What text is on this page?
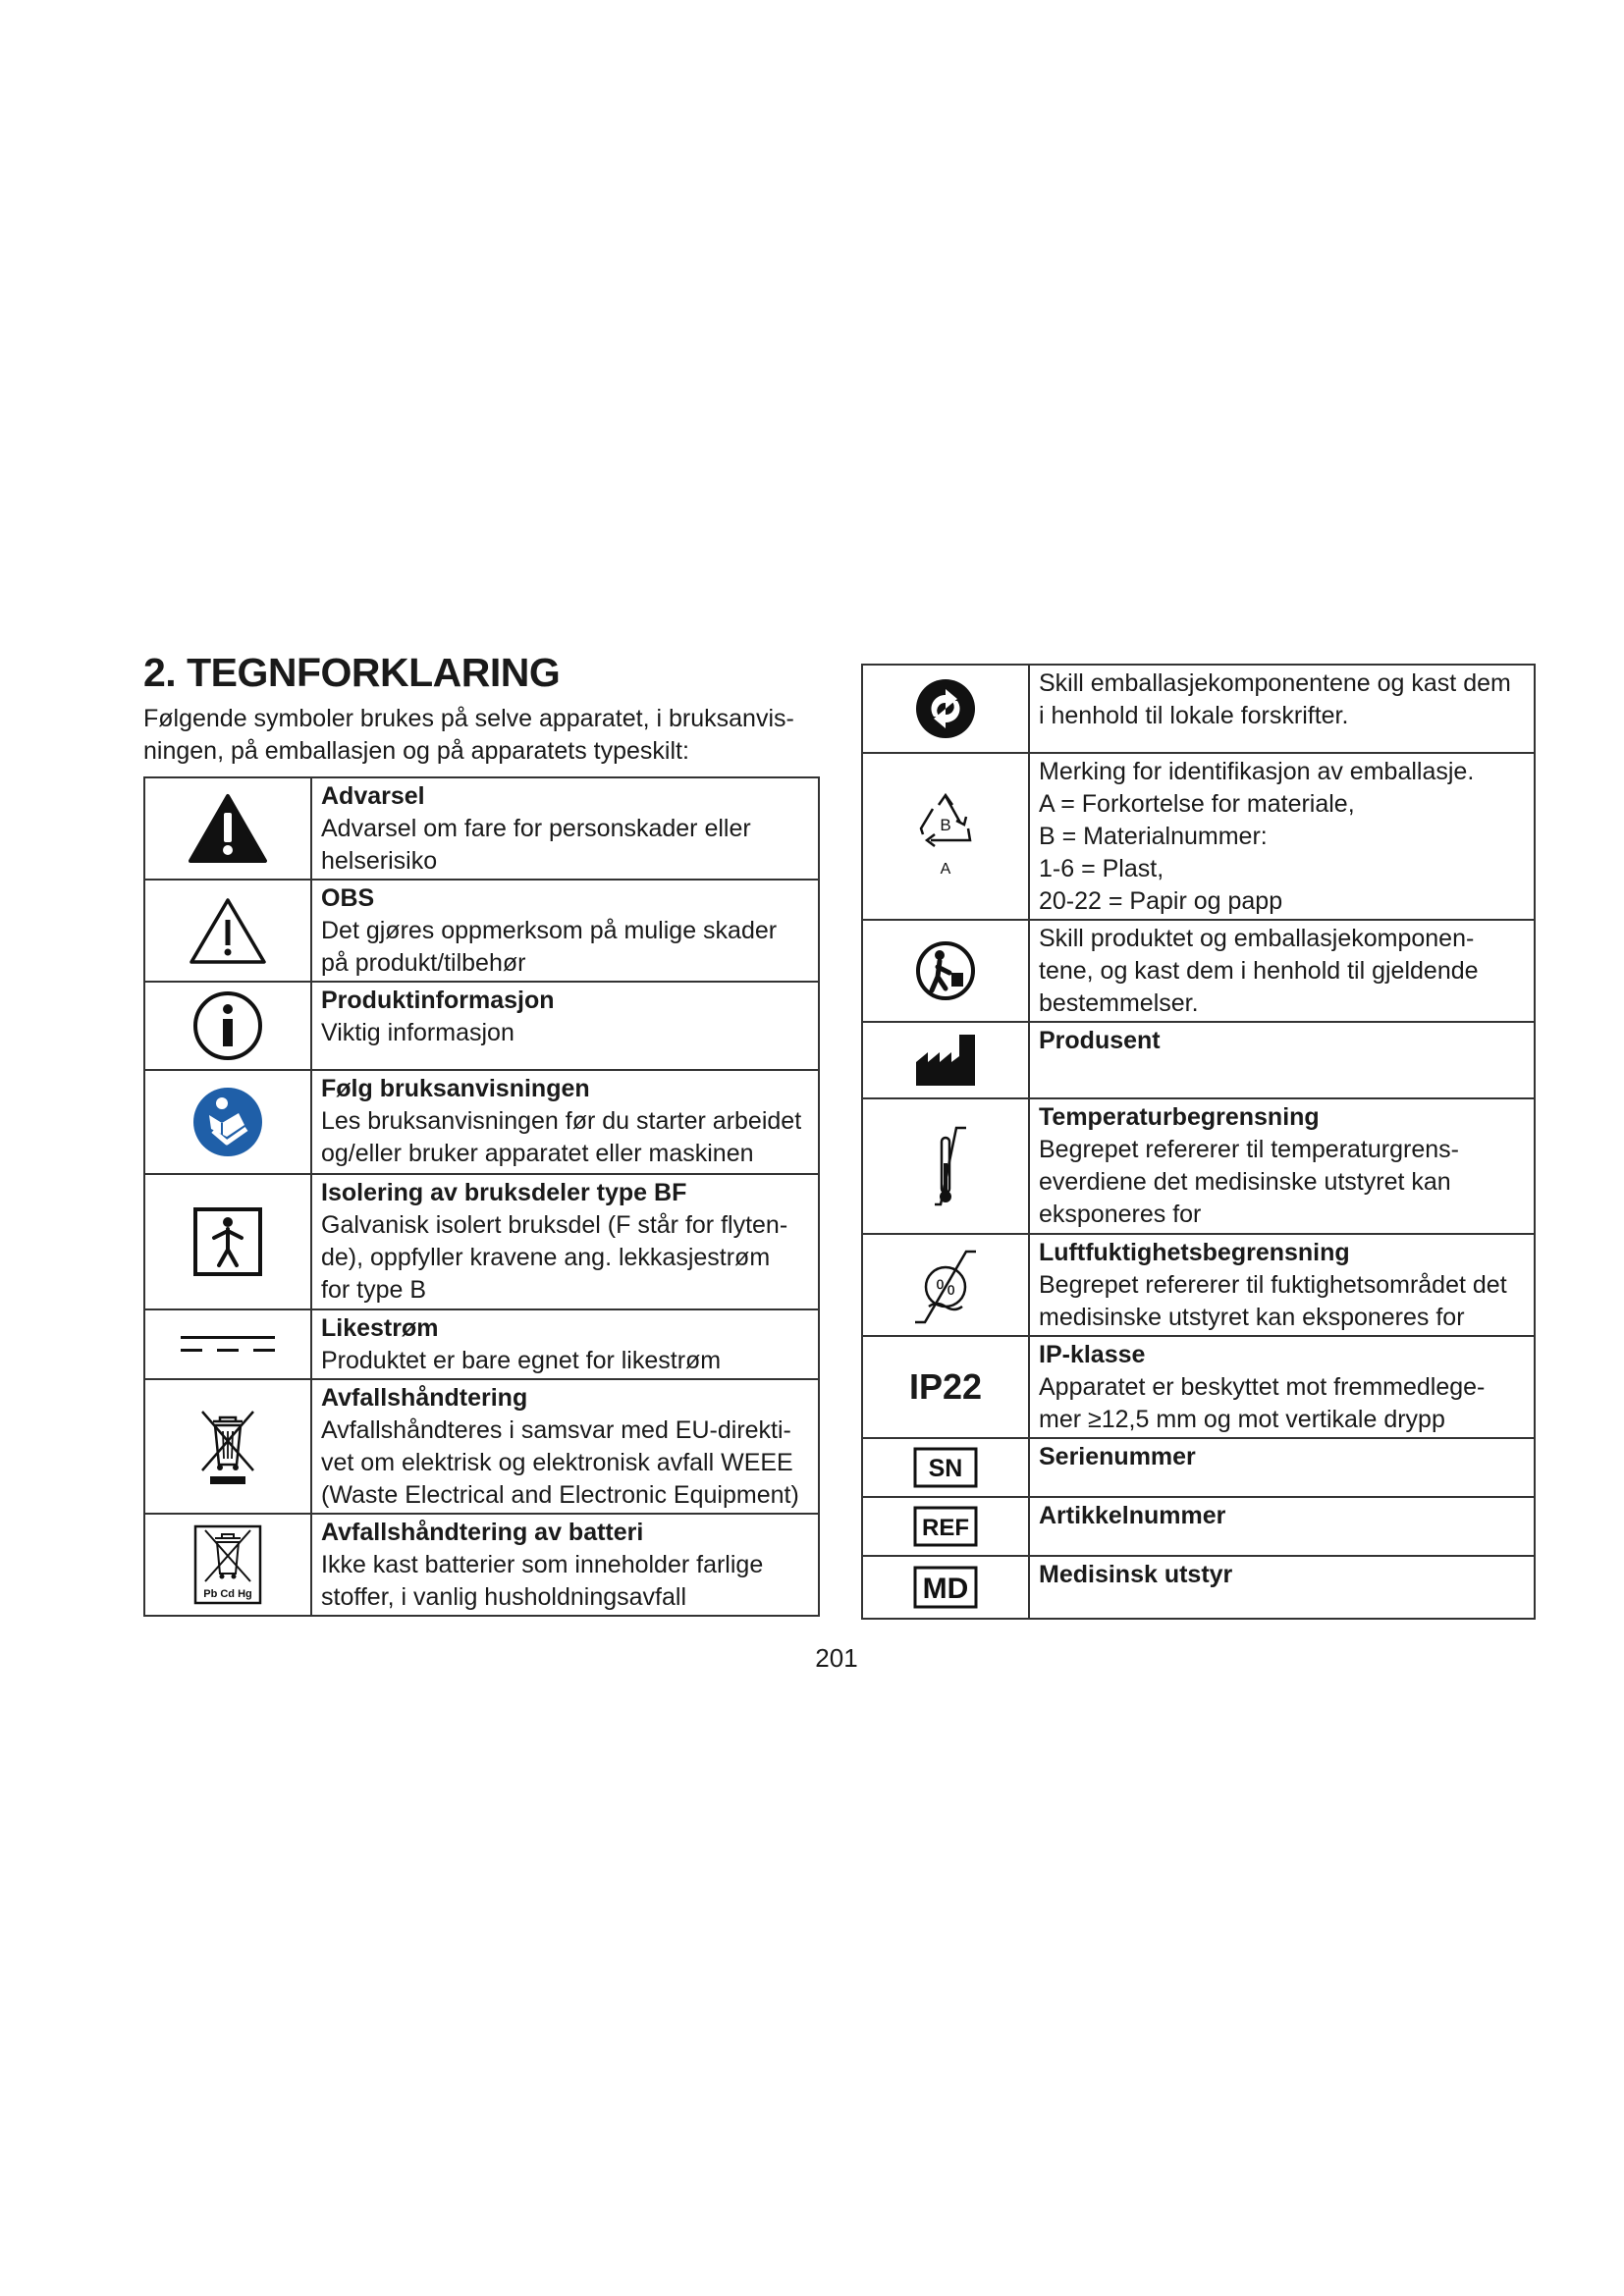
2. TEGNFORKLARING

Følgende symboler brukes på selve apparatet, i bruksanvis-
ningen, på emballasjen og på apparatets typeskilt:

Advarsel
Advarsel om fare for personskader eller
helserisiko

OBS
Det gjøres oppmerksom på mulige skader
på produkt/tilbehør

Produktinformasjon
Viktig informasjon

Følg bruksanvisningen
Les bruksanvisningen før du starter arbeidet
og/eller bruker apparatet eller maskinen

Isolering av bruksdeler type BF
Galvanisk isolert bruksdel (F står for flyten-
de), oppfyller kravene ang. lekkasjestrøm
for type B

Likestrøm
Produktet er bare egnet for likestrøm

Avfallshåndtering
Avfallshåndteres i samsvar med EU-direkti-
vet om elektrisk og elektronisk avfall WEEE
(Waste Electrical and Electronic Equipment)

Pb Cd Hg	Avfallshåndtering av batteri
Ikke kast batterier som inneholder farlige
stoffer, i vanlig husholdningsavfall

Skill emballasjekomponentene og kast dem
i henhold til lokale forskrifter.

B
A	Merking for identifikasjon av emballasje.
A = Forkortelse for materiale,
B = Materialnummer:
1-6 = Plast,
20-22 = Papir og papp

Skill produktet og emballasjekomponen-
tene, og kast dem i henhold til gjeldende
bestemmelser.

Produsent

Temperaturbegrensning
Begrepet refererer til temperaturgrens-
everdiene det medisinske utstyret kan
eksponeres for

%	Luftfuktighetsbegrensning
Begrepet refererer til fuktighetsområdet det
medisinske utstyret kan eksponeres for

IP22	IP-klasse
Apparatet er beskyttet mot fremmedlege-
mer ≥12,5 mm og mot vertikale drypp

SN	Serienummer

REF	Artikkelnummer

MD	Medisinsk utstyr
201
